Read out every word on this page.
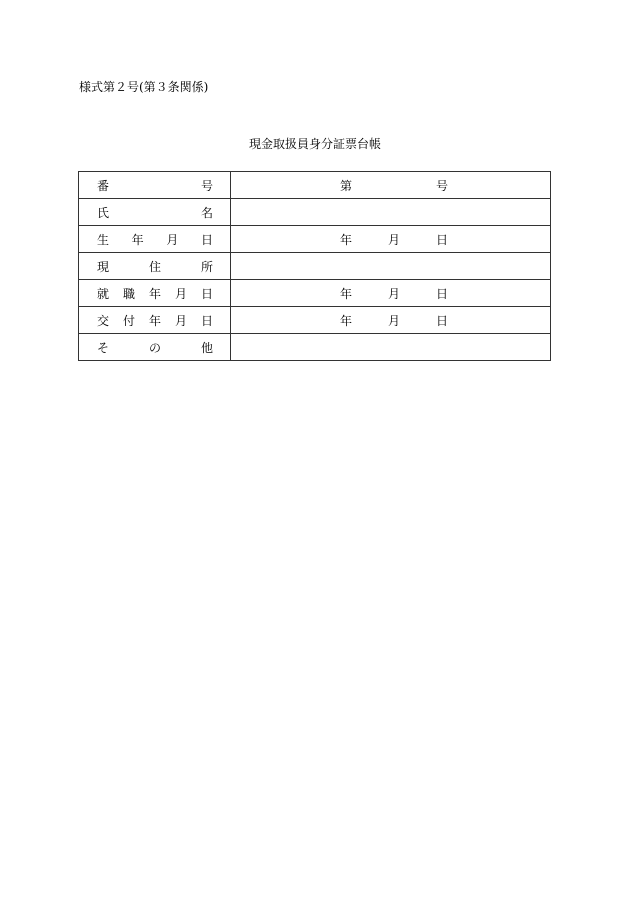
様式第２号(第３条関係)
現金取扱員身分証票台帳
番 号	第 号

氏 名	

生 年 月 日	年 月 日

現 住 所	

就 職 年 月 日	年 月 日

交 付 年 月 日	年 月 日

そ の 他	
